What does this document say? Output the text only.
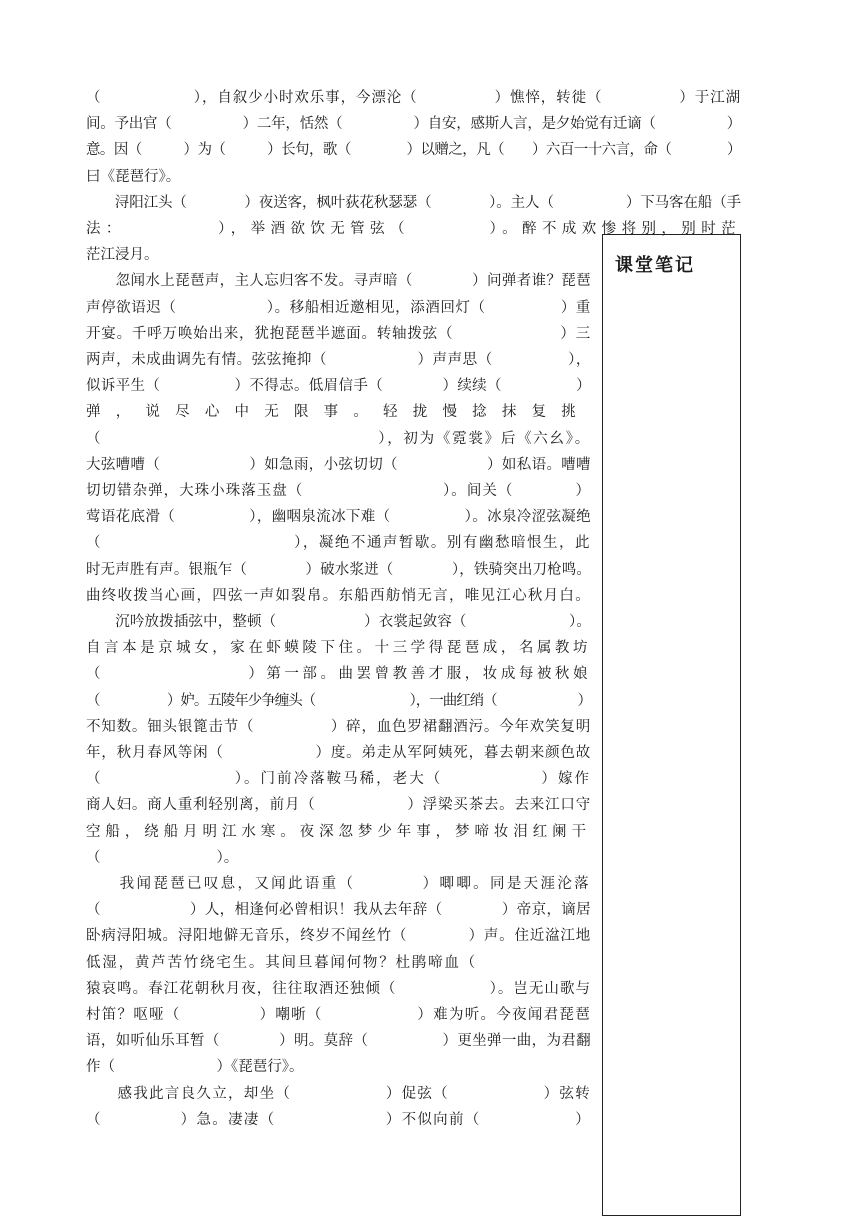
（　　　　　　），自叙少小时欢乐事，今漂沦（　　　　　）憔悴，转徙（　　　　　）于江湖
间。予出官（　　　　　）二年，恬然（　　　　　）自安，感斯人言，是夕始觉有迁谪（　　　　　）
意。因（　　　）为（　　　）长句，歌（　　　　）以赠之，凡（　　）六百一十六言，命（　　　　）
曰《琵琶行》。
　　浔阳江头（　　　　）夜送客，枫叶荻花秋瑟瑟（　　　　）。主人（　　　　　）下马客在船（手
法：　　　　　），举酒欲饮无管弦（　　　　）。醉不成欢惨将别，别时茫
茫江浸月。
　　忽闻水上琵琶声，主人忘归客不发。寻声暗（　　　　）问弹者谁？琵琶
声停欲语迟（　　　　　　）。移船相近邀相见，添酒回灯（　　　　　）重
开宴。千呼万唤始出来，犹抱琵琶半遮面。转轴拨弦（　　　　　　　）三
两声，未成曲调先有情。弦弦掩抑（　　　　　　）声声思（　　　　　），
似诉平生（　　　　　）不得志。低眉信手（　　　　）续续（　　　　　）
弹，说尽心中无限事。轻拢慢捻抹复挑
（　　　　　　　　　　　　　　　　　），初为《霓裳》后《六幺》。
大弦嘈嘈（　　　　　　）如急雨，小弦切切（　　　　　　）如私语。嘈嘈
切切错杂弹，大珠小珠落玉盘（　　　　　　　　　）。间关（　　　　）
莺语花底滑（　　　　　），幽咽泉流冰下难（　　　　　）。冰泉冷涩弦凝绝
（　　　　　　　　　　　　），凝绝不通声暂歇。别有幽愁暗恨生，此
时无声胜有声。银瓶乍（　　　　）破水浆迸（　　　　），铁骑突出刀枪鸣。
曲终收拨当心画，四弦一声如裂帛。东船西舫悄无言，唯见江心秋月白。
　　沉吟放拨插弦中，整顿（　　　　　　）衣裳起敛容（　　　　　　　）。
自言本是京城女，家在虾蟆陵下住。十三学得琵琶成，名属教坊
（　　　　　　　　）第一部。曲罢曾教善才服，妆成每被秋娘
（　　　　　）妒。五陵年少争缠头（　　　　　　　），一曲红绡（　　　　　　）
不知数。钿头银篦击节（　　　　　）碎，血色罗裙翻酒污。今年欢笑复明
年，秋月春风等闲（　　　　　　）度。弟走从军阿姨死，暮去朝来颜色故
（　　　　　　　　）。门前冷落鞍马稀，老大（　　　　　　）嫁作
商人妇。商人重利轻别离，前月（　　　　　　）浮梁买茶去。去来江口守
空船，绕船月明江水寒。夜深忽梦少年事，梦啼妆泪红阑干
（　　　　　　　　）。
　　我闻琵琶已叹息，又闻此语重（　　　　）唧唧。同是天涯沦落
（　　　　　　）人，相逢何必曾相识！我从去年辞（　　　　）帝京，谪居
卧病浔阳城。浔阳地僻无音乐，终岁不闻丝竹（　　　　）声。住近湓江地
低湿，黄芦苦竹绕宅生。其间旦暮闻何物？杜鹃啼血（　　　　　　　
猿哀鸣。春江花朝秋月夜，往往取酒还独倾（　　　　　　）。岂无山歌与
村笛？呕哑（　　　　　）嘲哳（　　　　　　）难为听。今夜闻君琵琶
语，如听仙乐耳暂（　　　　）明。莫辞（　　　　　）更坐弹一曲，为君翻
作（　　　　　　　）《琵琶行》。
　　感我此言良久立，却坐（　　　　　　）促弦（　　　　　　）弦转
（　　　　　）急。凄凄（　　　　　　　）不似向前（　　　　　　）
课堂笔记
